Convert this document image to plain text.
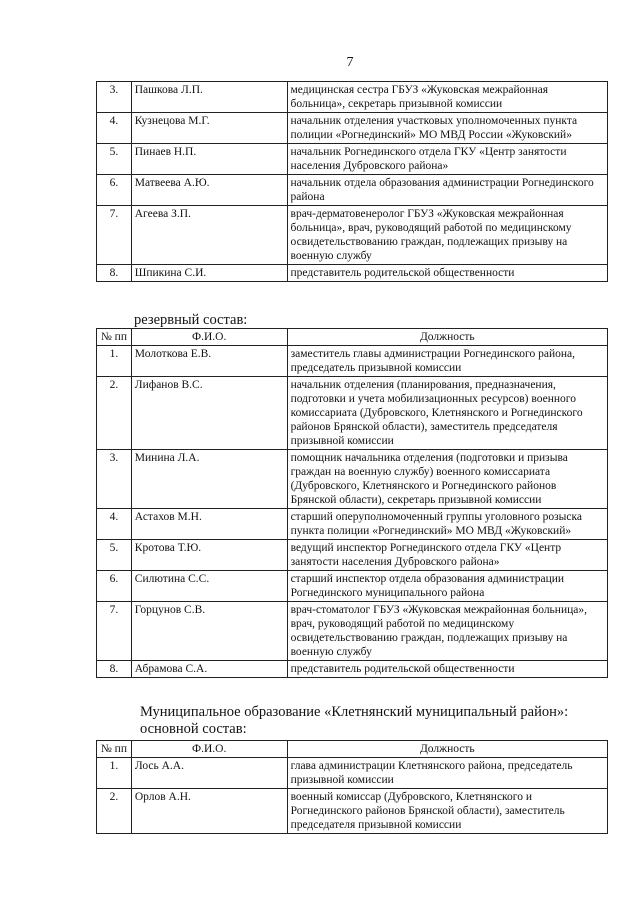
7
3.	Пашкова Л.П.	медицинская сестра ГБУЗ «Жуковская межрайонная больница», секретарь призывной комиссии
4.	Кузнецова М.Г.	начальник отделения участковых уполномоченных пункта полиции «Рогнединский» МО МВД России «Жуковский»
5.	Пинаев Н.П.	начальник Рогнединского отдела ГКУ «Центр занятости населения Дубровского района»
6.	Матвеева А.Ю.	начальник отдела образования администрации Рогнединского района
7.	Агеева З.П.	врач-дерматовенеролог ГБУЗ «Жуковская межрайонная больница», врач, руководящий работой по медицинскому освидетельствованию граждан, подлежащих призыву на военную службу
8.	Шпикина С.И.	представитель родительской общественности
резервный состав:
№ пп	Ф.И.О.	Должность
1.	Молоткова Е.В.	заместитель главы администрации Рогнединского района, председатель призывной комиссии
2.	Лифанов В.С.	начальник отделения (планирования, предназначения, подготовки и учета мобилизационных ресурсов) военного комиссариата (Дубровского, Клетнянского и Рогнединского районов Брянской области), заместитель председателя призывной комиссии
3.	Минина Л.А.	помощник начальника отделения (подготовки и призыва граждан на военную службу) военного комиссариата (Дубровского, Клетнянского и Рогнединского районов Брянской области), секретарь призывной комиссии
4.	Астахов М.Н.	старший оперуполномоченный группы уголовного розыска пункта полиции «Рогнединский» МО МВД «Жуковский»
5.	Кротова Т.Ю.	ведущий инспектор Рогнединского отдела ГКУ «Центр занятости населения Дубровского района»
6.	Силютина С.С.	старший инспектор отдела образования администрации Рогнединского муниципального района
7.	Горцунов С.В.	врач-стоматолог ГБУЗ «Жуковская межрайонная больница», врач, руководящий работой по медицинскому освидетельствованию граждан, подлежащих призыву на военную службу
8.	Абрамова С.А.	представитель родительской общественности
Муниципальное образование «Клетнянский муниципальный район»:
основной состав:
№ пп	Ф.И.О.	Должность
1.	Лось А.А.	глава администрации Клетнянского района, председатель призывной комиссии
2.	Орлов А.Н.	военный комиссар (Дубровского, Клетнянского и Рогнединского районов Брянской области), заместитель председателя призывной комиссии
